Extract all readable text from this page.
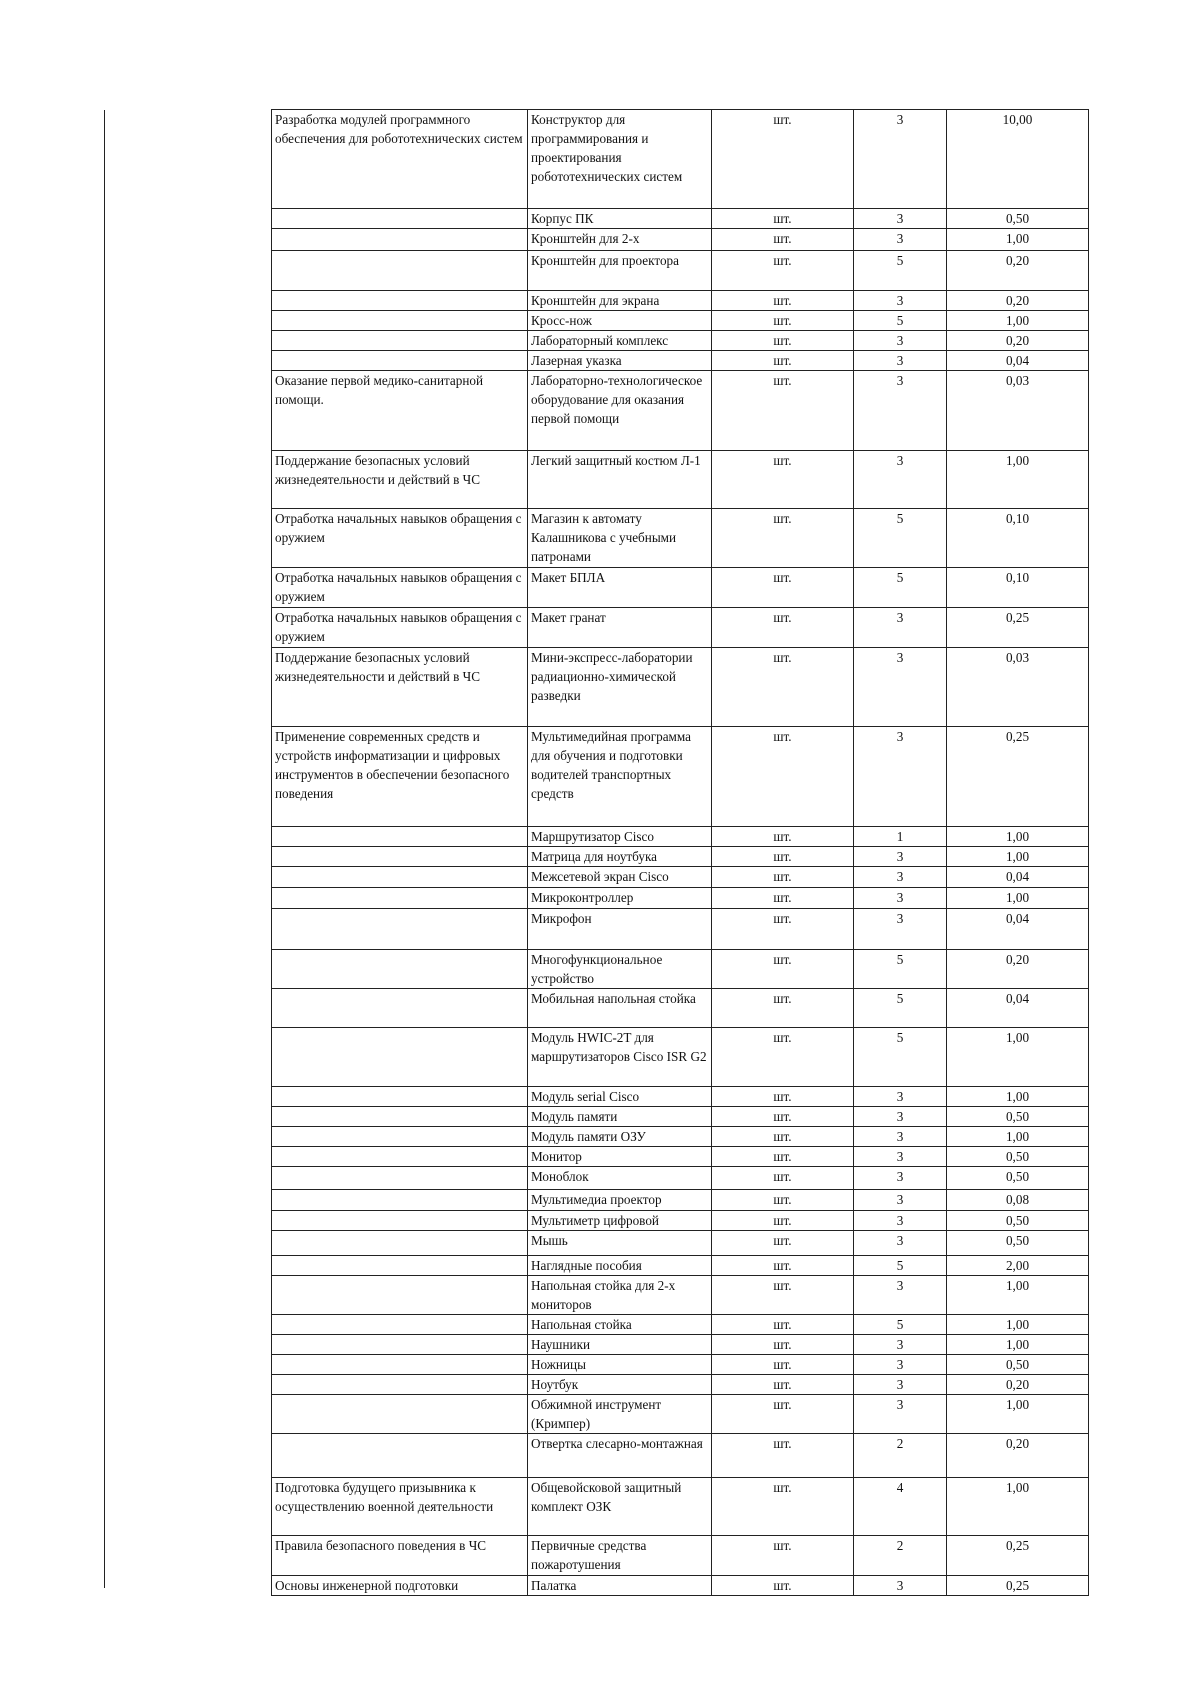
Разработка модулей программного обеспечения для робототехнических систем	Конструктор для программирования и проектирования робототехнических систем	шт.	3	10,00
	Корпус ПК	шт.	3	0,50
	Кронштейн для 2-х	шт.	3	1,00
	Кронштейн для проектора	шт.	5	0,20
	Кронштейн для экрана	шт.	3	0,20
	Кросс-нож	шт.	5	1,00
	Лабораторный комплекс	шт.	3	0,20
	Лазерная указка	шт.	3	0,04
Оказание первой медико-санитарной помощи.	Лабораторно-технологическое оборудование для оказания первой помощи	шт.	3	0,03
Поддержание безопасных условий жизнедеятельности и действий в ЧС	Легкий защитный костюм Л-1	шт.	3	1,00
Отработка начальных навыков обращения с оружием	Магазин к автомату Калашникова с учебными патронами	шт.	5	0,10
Отработка начальных навыков обращения с оружием	Макет БПЛА	шт.	5	0,10
Отработка начальных навыков обращения с оружием	Макет гранат	шт.	3	0,25
Поддержание безопасных условий жизнедеятельности и действий в ЧС	Мини-экспресс-лаборатории радиационно-химической разведки	шт.	3	0,03
Применение современных средств и устройств информатизации и цифровых инструментов в обеспечении безопасного поведения	Мультимедийная программа для обучения и подготовки водителей транспортных средств	шт.	3	0,25
	Маршрутизатор Cisco	шт.	1	1,00
	Матрица для ноутбука	шт.	3	1,00
	Межсетевой экран Cisco	шт.	3	0,04
	Микроконтроллер	шт.	3	1,00
	Микрофон	шт.	3	0,04
	Многофункциональное устройство	шт.	5	0,20
	Мобильная напольная стойка	шт.	5	0,04
	Модуль HWIC-2T для маршрутизаторов Cisco ISR G2	шт.	5	1,00
	Модуль serial Cisco	шт.	3	1,00
	Модуль памяти	шт.	3	0,50
	Модуль памяти ОЗУ	шт.	3	1,00
	Монитор	шт.	3	0,50
	Моноблок	шт.	3	0,50
	Мультимедиа проектор	шт.	3	0,08
	Мультиметр цифровой	шт.	3	0,50
	Мышь	шт.	3	0,50
	Наглядные пособия	шт.	5	2,00
	Напольная стойка для 2-х мониторов	шт.	3	1,00
	Напольная стойка	шт.	5	1,00
	Наушники	шт.	3	1,00
	Ножницы	шт.	3	0,50
	Ноутбук	шт.	3	0,20
	Обжимной инструмент (Кримпер)	шт.	3	1,00
	Отвертка слесарно-монтажная	шт.	2	0,20
Подготовка будущего призывника к осуществлению военной деятельности	Общевойсковой защитный комплект ОЗК	шт.	4	1,00
Правила безопасного поведения в ЧС	Первичные средства пожаротушения	шт.	2	0,25
Основы инженерной подготовки	Палатка	шт.	3	0,25
